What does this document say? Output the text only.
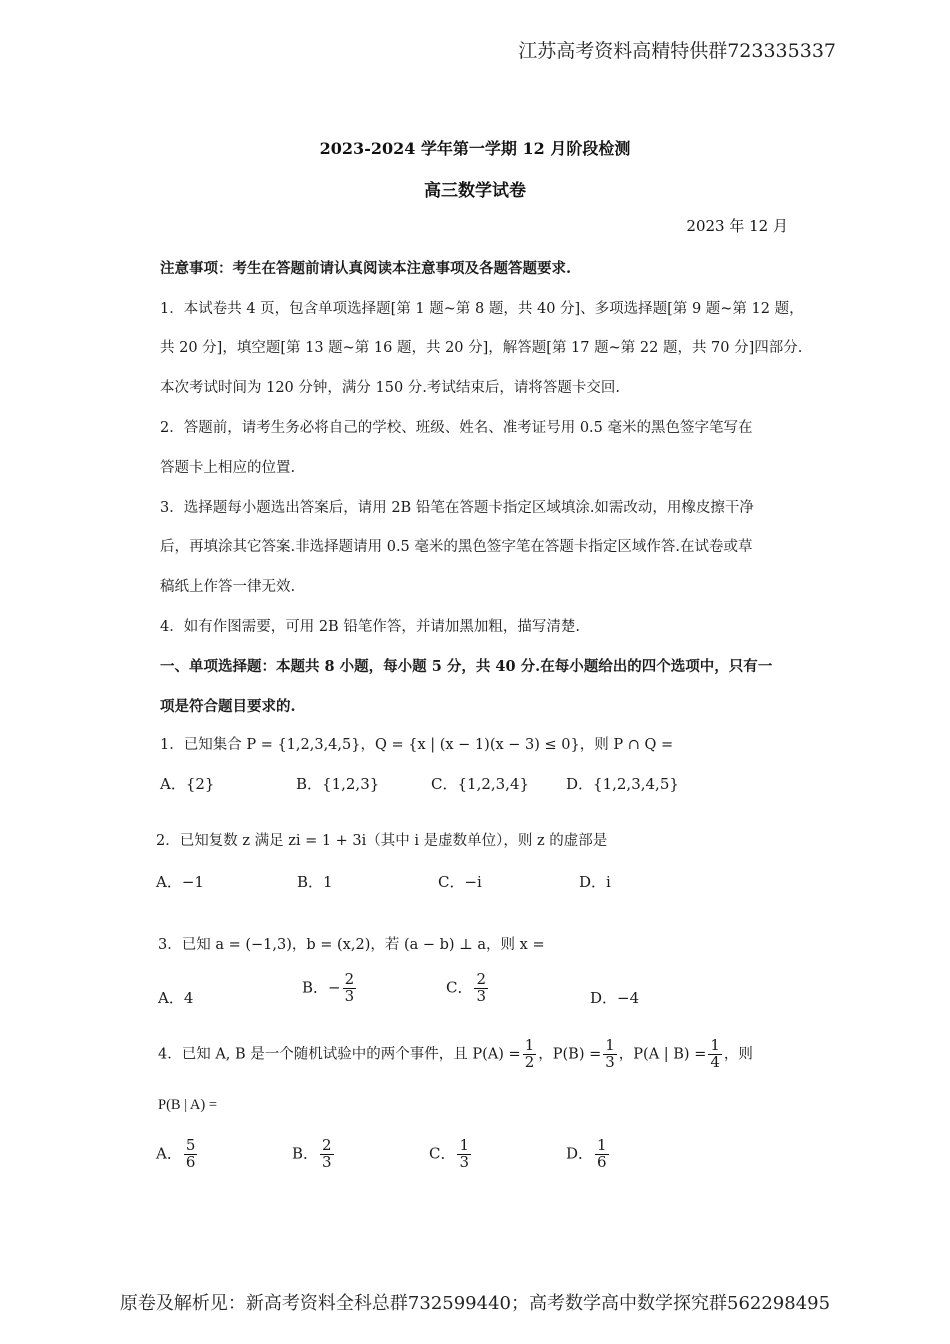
江苏高考资料高精特供群723335337
2023-2024 学年第一学期 12 月阶段检测
高三数学试卷
2023 年 12 月
注意事项：考生在答题前请认真阅读本注意事项及各题答题要求.
1．本试卷共 4 页，包含单项选择题[第 1 题~第 8 题，共 40 分]、多项选择题[第 9 题~第 12 题，
共 20 分]，填空题[第 13 题~第 16 题，共 20 分]，解答题[第 17 题~第 22 题，共 70 分]四部分.
本次考试时间为 120 分钟，满分 150 分.考试结束后，请将答题卡交回.
2．答题前，请考生务必将自己的学校、班级、姓名、准考证号用 0.5 毫米的黑色签字笔写在
答题卡上相应的位置.
3．选择题每小题选出答案后，请用 2B 铅笔在答题卡指定区域填涂.如需改动，用橡皮擦干净
后，再填涂其它答案.非选择题请用 0.5 毫米的黑色签字笔在答题卡指定区域作答.在试卷或草
稿纸上作答一律无效.
4．如有作图需要，可用 2B 铅笔作答，并请加黑加粗，描写清楚.
一、单项选择题：本题共 8 小题，每小题 5 分，共 40 分.在每小题给出的四个选项中，只有一
项是符合题目要求的.
1．已知集合 P = {1,2,3,4,5}，Q = {x | (x − 1)(x − 3) ≤ 0}，则 P ∩ Q =
A．{2}	B．{1,2,3}	C．{1,2,3,4} D．{1,2,3,4,5}
2．已知复数 z 满足 zi = 1 + 3i（其中 i 是虚数单位），则 z 的虚部是
A．−1	B．1	C．−i	D．i
3．已知 a = (−1,3)，b = (x,2)，若 (a − b) ⊥ a，则 x =
A．4
B．− $\frac{2}{3}$	C． $\frac{2}{3}$	D．−4
4．已知 A, B 是一个随机试验中的两个事件，且 $P(A) = \frac{1}{2}$ ，$P(B) = \frac{1}{3}$ ，P(A | $B) = \frac{1}{4}$ ，则
P(B | A) =
A． $\frac{5}{6}$	B． $\frac{2}{3}$	C． $\frac{1}{3}$	D． $\frac{1}{6}$
原卷及解析见：新高考资料全科总群732599440；高考数学高中数学探究群562298495
